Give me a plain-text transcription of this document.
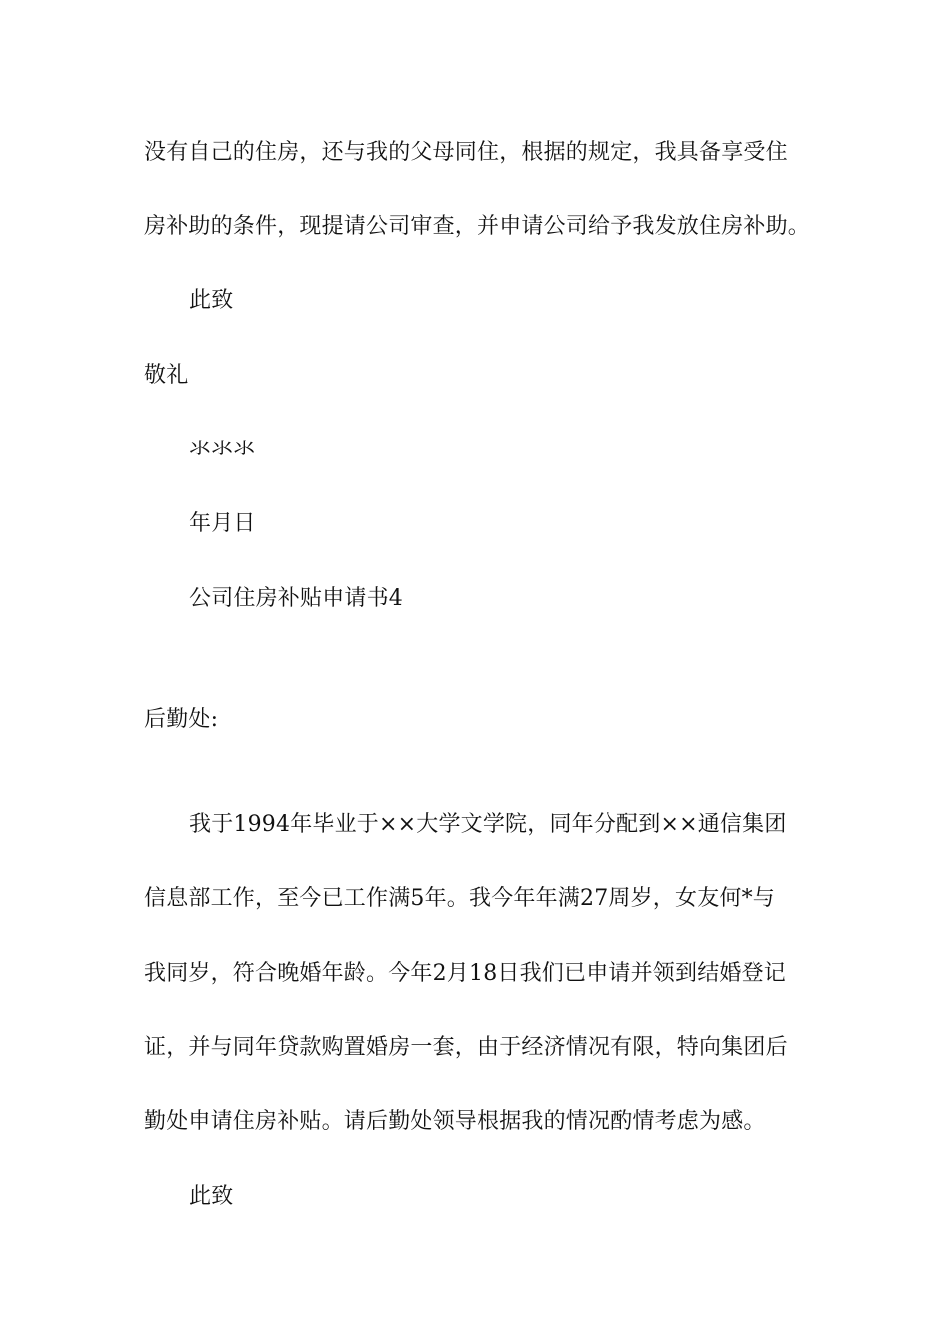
没有自己的住房，还与我的父母同住，根据的规定，我具备享受住
房补助的条件，现提请公司审查，并申请公司给予我发放住房补助。
此致
敬礼
氺氺氺
年月日
公司住房补贴申请书4
后勤处:
我于1994年毕业于××大学文学院，同年分配到××通信集团
信息部工作，至今已工作满5年。我今年年满27周岁，女友何*与
我同岁，符合晚婚年龄。今年2月18日我们已申请并领到结婚登记
证，并与同年贷款购置婚房一套，由于经济情况有限，特向集团后
勤处申请住房补贴。请后勤处领导根据我的情况酌情考虑为感。
此致
